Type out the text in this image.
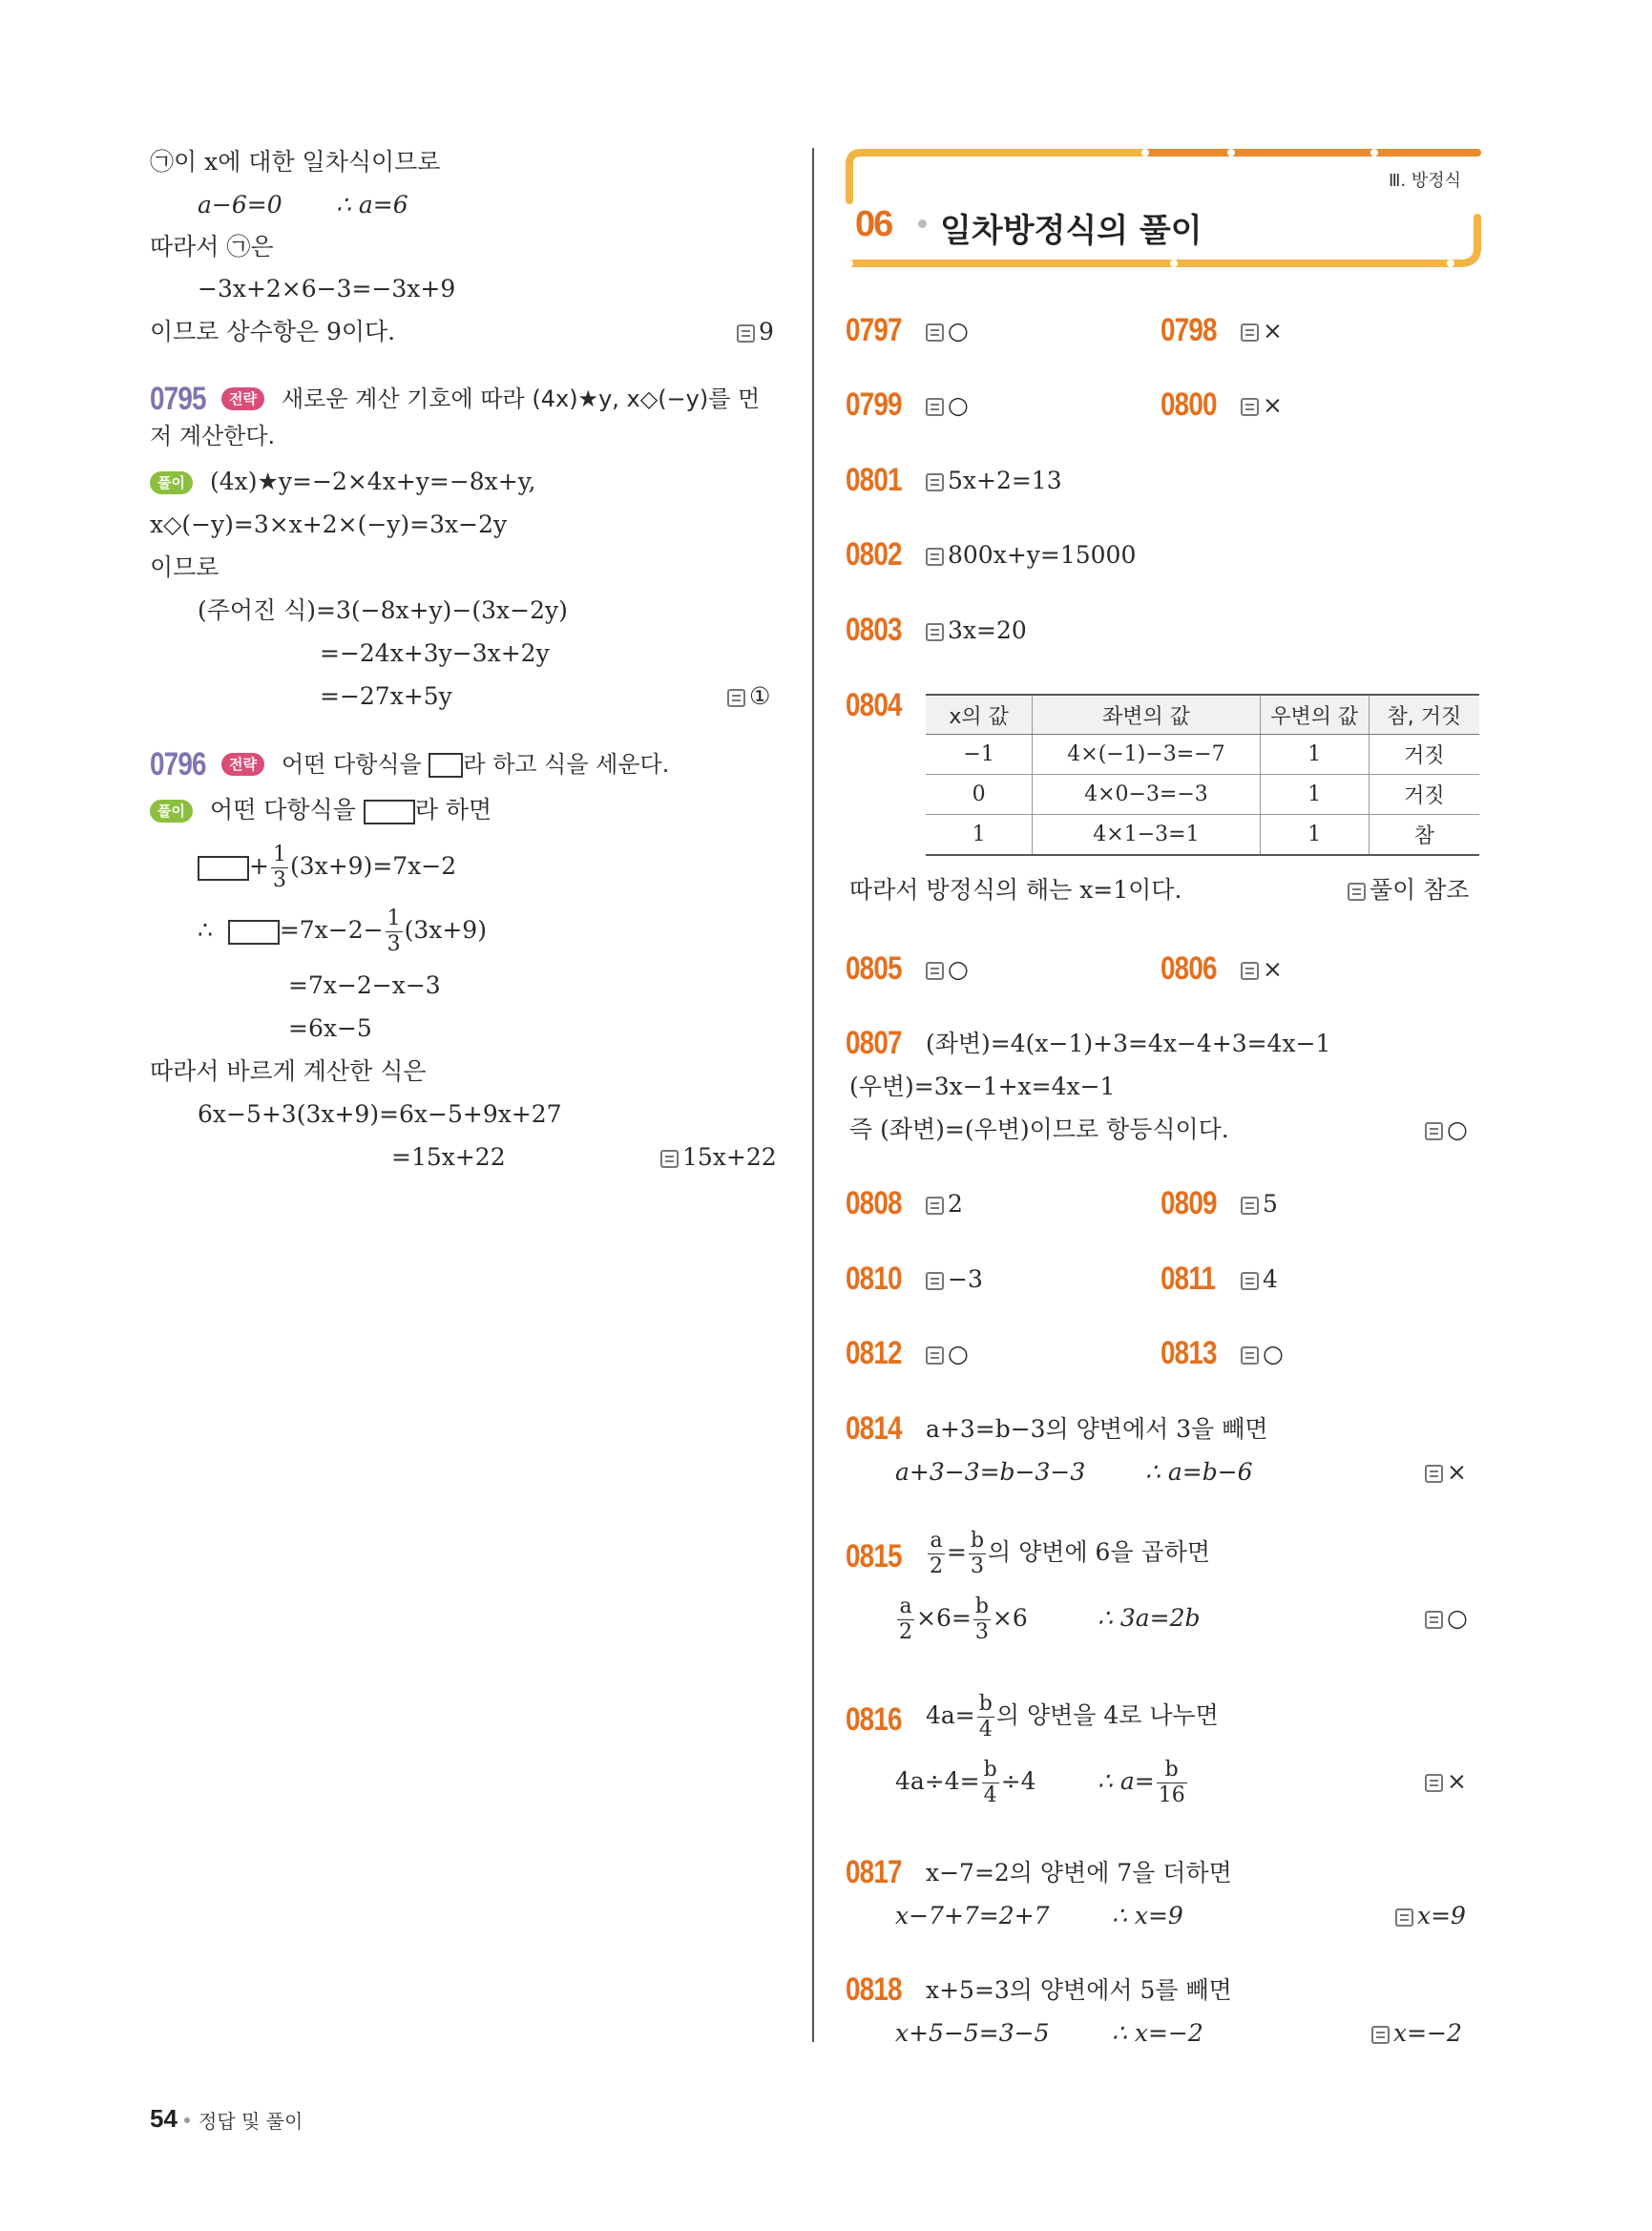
㉠이 x에 대한 일차식이므로
a−6=0 ∴ a=6
따라서 ㉠은
−3x+2×6−3=−3x+9
이므로 상수항은 9이다.	9
0795	전략	새로운 계산 기호에 따라 (4x)★y, x◇(−y)를 먼
저 계산한다.
풀이	(4x)★y=−2×4x+y=−8x+y,
x◇(−y)=3×x+2×(−y)=3x−2y
이므로
(주어진 식)=3(−8x+y)−(3x−2y)
=−24x+3y−3x+2y
=−27x+5y	①
0796	전략	어떤 다항식을 라 하고 식을 세운다.
풀이	어떤 다항식을 라 하면
+ $\frac{1}{3} (3x+9)=7x-2$
∴	$=7x-2- \frac{1}{3} (3x+9)$
=7x−2−x−3
=6x−5
따라서 바르게 계산한 식은
6x−5+3(3x+9)=6x−5+9x+27
=15x+22	15x+22
Ⅲ. 방정식
06 일차방정식의 풀이
0797	○	0798	×
0799	○	0800	×
0801	5x+2=13
0802	800x+y=15000
0803	3x=20
0804 x의 값	좌변의 값	우변의 값	참, 거짓
−1	4×(−1)−3=−7	1	거짓
0	4×0−3=−3	1	거짓
1	4×1−3=1	1	참
따라서 방정식의 해는 x=1이다.	풀이 참조
0805	○	0806	×
0807 (좌변)=4(x−1)+3=4x−4+3=4x−1
(우변)=3x−1+x=4x−1
즉 (좌변)=(우변)이므로 항등식이다.	○
0808	2	0809	5
0810	−3	0811	4
0812	○	0813	○
0814 a+3=b−3의 양변에서 3을 빼면
a+3−3=b−3−3	∴ a=b−6	×
$0815 \frac{a}{2} = \frac{b}{3}$ 의 양변에 6을 곱하면
$\frac{a}{2} \times 6= \frac{b}{3} \times 6$	∴ 3a=2b	○
0816 $4a= \frac{b}{4}$ 의 양변을 4로 나누면
$4a\div 4= \frac{b}{4} \div 4$	∴ $a= \frac{b}{16}$	×
0817 x−7=2의 양변에 7을 더하면
x−7+7=2+7	∴ x=9	x=9
0818 x+5=3의 양변에서 5를 빼면
x+5−5=3−5	∴ x=−2	x=−2
54 정답 및 풀이
